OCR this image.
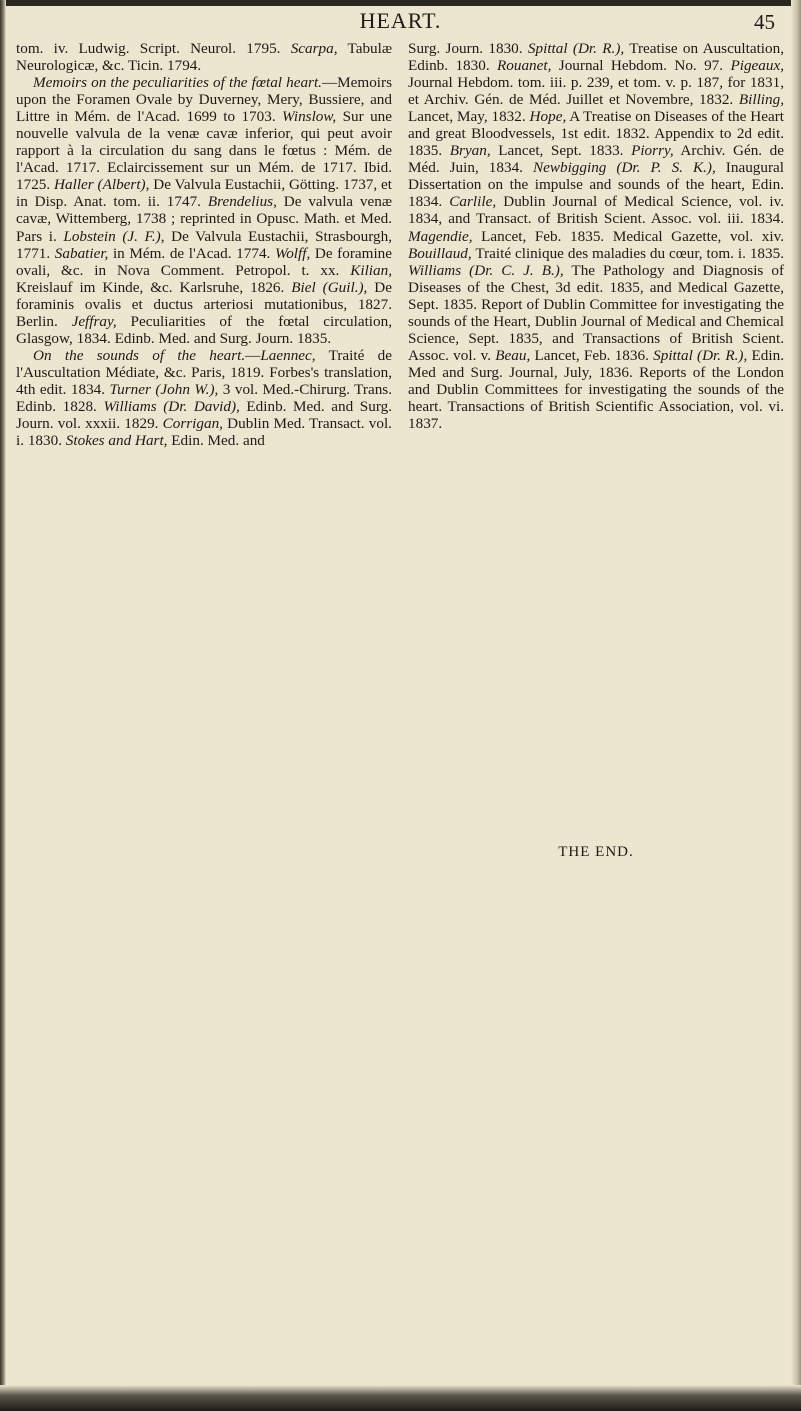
HEART.	45

tom. iv. Ludwig. Script. Neurol. 1795. Scarpa, Tabulæ Neurologicæ, &c. Ticin. 1794.

Memoirs on the peculiarities of the fœtal heart.—Memoirs upon the Foramen Ovale by Duverney, Mery, Bussiere, and Littre in Mém. de l'Acad. 1699 to 1703. Winslow, Sur une nouvelle valvula de la venæ cavæ inferior, qui peut avoir rapport à la circulation du sang dans le fœtus : Mém. de l'Acad. 1717. Eclaircissement sur un Mém. de 1717. Ibid. 1725. Haller (Albert), De Valvula Eustachii, Götting. 1737, et in Disp. Anat. tom. ii. 1747. Brendelius, De valvula venæ cavæ, Wittemberg, 1738 ; reprinted in Opusc. Math. et Med. Pars i. Lobstein (J. F.), De Valvula Eustachii, Strasbourgh, 1771. Sabatier, in Mém. de l'Acad. 1774. Wolff, De foramine ovali, &c. in Nova Comment. Petropol. t. xx. Kilian, Kreislauf im Kinde, &c. Karlsruhe, 1826. Biel (Guil.), De foraminis ovalis et ductus arteriosi mutationibus, 1827. Berlin. Jeffray, Peculiarities of the fœtal circulation, Glasgow, 1834. Edinb. Med. and Surg. Journ. 1835.

On the sounds of the heart.—Laennec, Traité de l'Auscultation Médiate, &c. Paris, 1819. Forbes's translation, 4th edit. 1834. Turner (John W.), 3 vol. Med.-Chirurg. Trans. Edinb. 1828. Williams (Dr. David), Edinb. Med. and Surg. Journ. vol. xxxii. 1829. Corrigan, Dublin Med. Transact. vol. i. 1830. Stokes and Hart, Edin. Med. and

Surg. Journ. 1830. Spittal (Dr. R.), Treatise on Auscultation, Edinb. 1830. Rouanet, Journal Hebdom. No. 97. Pigeaux, Journal Hebdom. tom. iii. p. 239, et tom. v. p. 187, for 1831, et Archiv. Gén. de Méd. Juillet et Novembre, 1832. Billing, Lancet, May, 1832. Hope, A Treatise on Diseases of the Heart and great Bloodvessels, 1st edit. 1832. Appendix to 2d edit. 1835. Bryan, Lancet, Sept. 1833. Piorry, Archiv. Gén. de Méd. Juin, 1834. Newbigging (Dr. P. S. K.), Inaugural Dissertation on the impulse and sounds of the heart, Edin. 1834. Carlile, Dublin Journal of Medical Science, vol. iv. 1834, and Transact. of British Scient. Assoc. vol. iii. 1834. Magendie, Lancet, Feb. 1835. Medical Gazette, vol. xiv. Bouillaud, Traité clinique des maladies du cœur, tom. i. 1835. Williams (Dr. C. J. B.), The Pathology and Diagnosis of Diseases of the Chest, 3d edit. 1835, and Medical Gazette, Sept. 1835. Report of Dublin Committee for investigating the sounds of the Heart, Dublin Journal of Medical and Chemical Science, Sept. 1835, and Transactions of British Scient. Assoc. vol. v. Beau, Lancet, Feb. 1836. Spittal (Dr. R.), Edin. Med and Surg. Journal, July, 1836. Reports of the London and Dublin Committees for investigating the sounds of the heart. Transactions of British Scientific Association, vol. vi. 1837.

THE END.
